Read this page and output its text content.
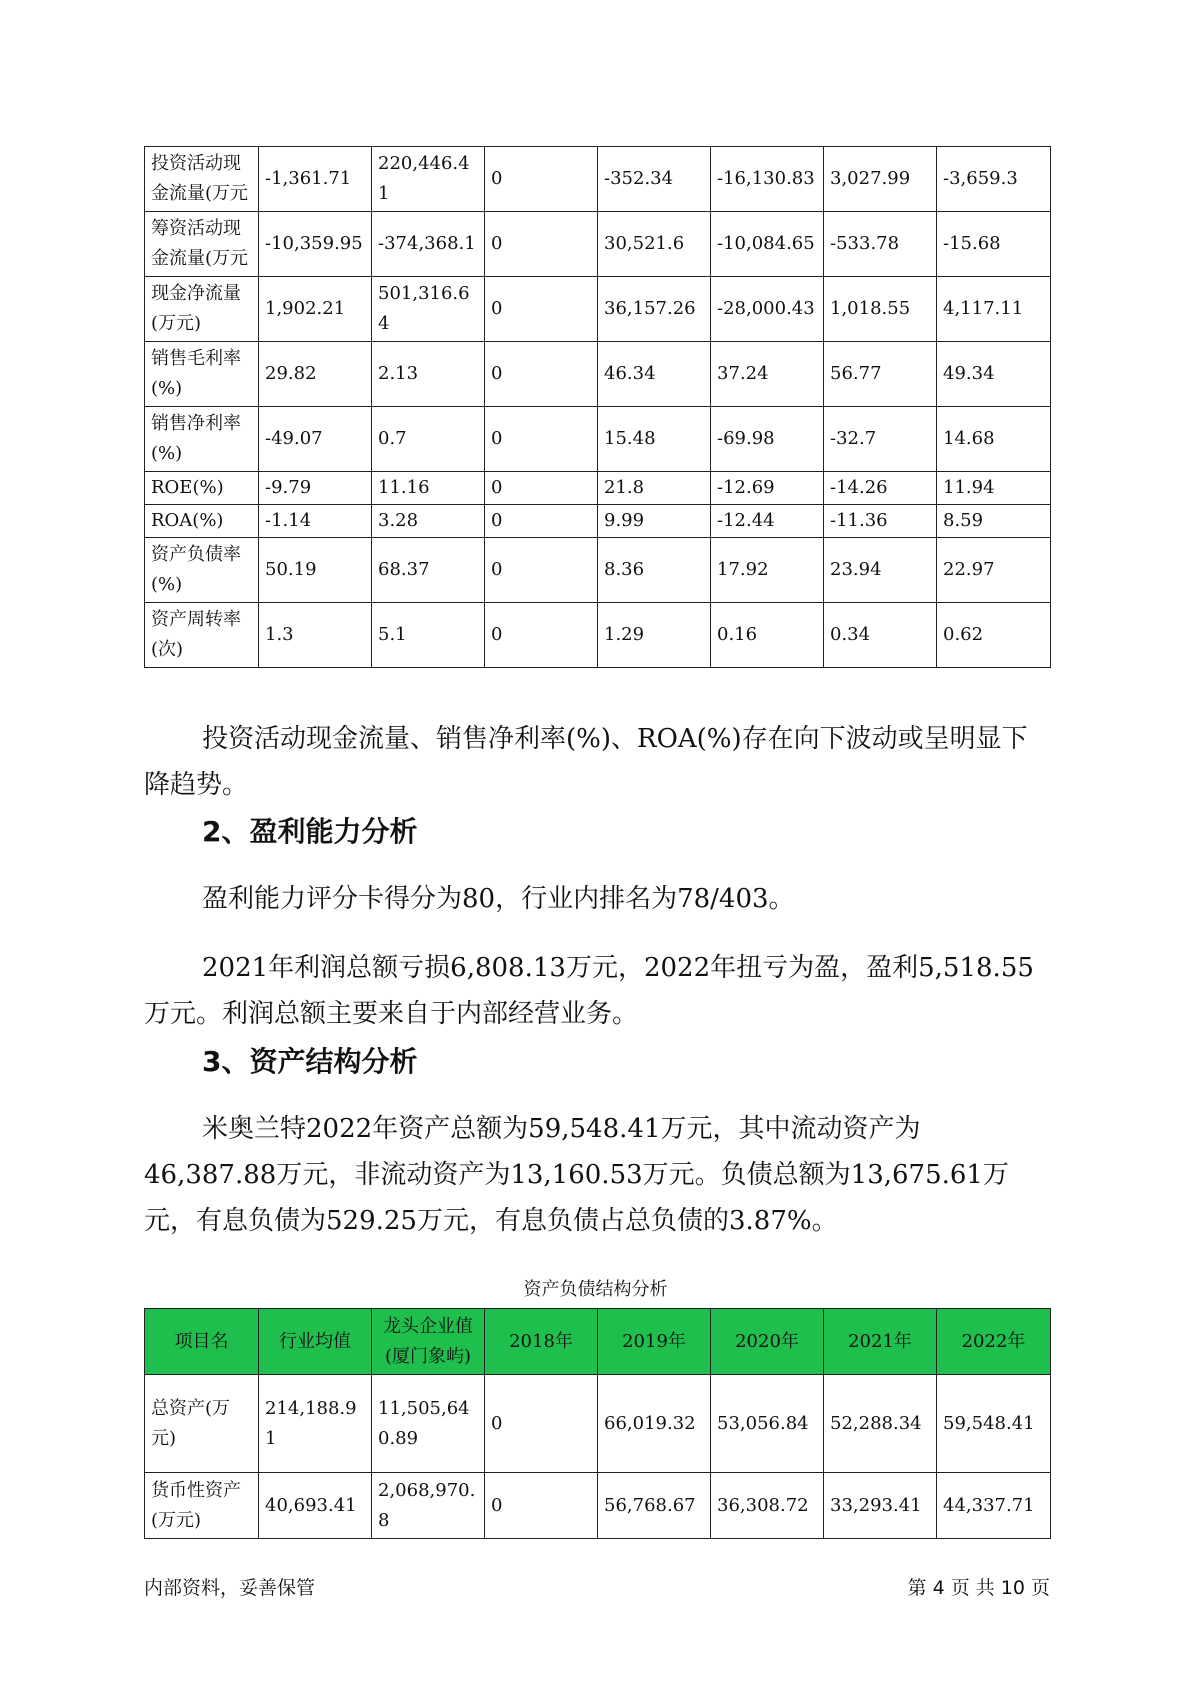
投资活动现金流量(万元	-1,361.71	220,446.41	0	-352.34	-16,130.83	3,027.99	-3,659.3
筹资活动现金流量(万元	-10,359.95	-374,368.1	0	30,521.6	-10,084.65	-533.78	-15.68
现金净流量(万元)	1,902.21	501,316.64	0	36,157.26	-28,000.43	1,018.55	4,117.11
销售毛利率(%)	29.82	2.13	0	46.34	37.24	56.77	49.34
销售净利率(%)	-49.07	0.7	0	15.48	-69.98	-32.7	14.68
ROE(%)	-9.79	11.16	0	21.8	-12.69	-14.26	11.94
ROA(%)	-1.14	3.28	0	9.99	-12.44	-11.36	8.59
资产负债率(%)	50.19	68.37	0	8.36	17.92	23.94	22.97
资产周转率(次)	1.3	5.1	0	1.29	0.16	0.34	0.62

投资活动现金流量、销售净利率(%)、ROA(%)存在向下波动或呈明显下降趋势。

2、盈利能力分析

盈利能力评分卡得分为80，行业内排名为78/403。

2021年利润总额亏损6,808.13万元，2022年扭亏为盈，盈利5,518.55万元。利润总额主要来自于内部经营业务。

3、资产结构分析

米奥兰特2022年资产总额为59,548.41万元，其中流动资产为46,387.88万元，非流动资产为13,160.53万元。负债总额为13,675.61万元，有息负债为529.25万元，有息负债占总负债的3.87%。

资产负债结构分析
项目名	行业均值	龙头企业值(厦门象屿)	2018年	2019年	2020年	2021年	2022年
总资产(万元)	214,188.91	11,505,640.89	0	66,019.32	53,056.84	52,288.34	59,548.41
货币性资产(万元)	40,693.41	2,068,970.8	0	56,768.67	36,308.72	33,293.41	44,337.71
内部资料，妥善保管	第 4 页 共 10 页
